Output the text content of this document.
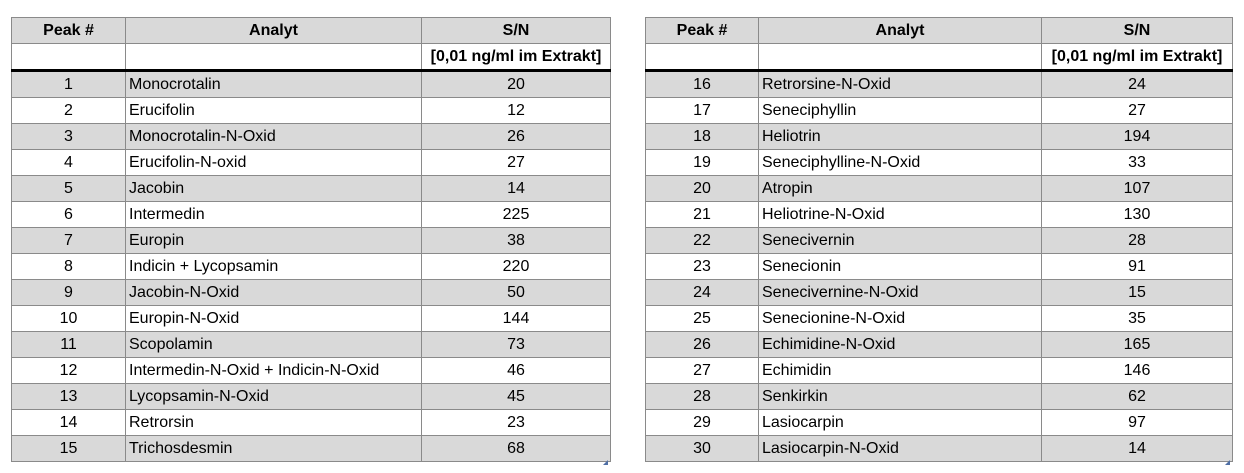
Peak #	Analyt	S/N
		[0,01 ng/ml im Extrakt]
1	Monocrotalin	20
2	Erucifolin	12
3	Monocrotalin-N-Oxid	26
4	Erucifolin-N-oxid	27
5	Jacobin	14
6	Intermedin	225
7	Europin	38
8	Indicin + Lycopsamin	220
9	Jacobin-N-Oxid	50
10	Europin-N-Oxid	144
11	Scopolamin	73
12	Intermedin-N-Oxid + Indicin-N-Oxid	46
13	Lycopsamin-N-Oxid	45
14	Retrorsin	23
15	Trichosdesmin	68
Peak #	Analyt	S/N
		[0,01 ng/ml im Extrakt]
16	Retrorsine-N-Oxid	24
17	Seneciphyllin	27
18	Heliotrin	194
19	Seneciphylline-N-Oxid	33
20	Atropin	107
21	Heliotrine-N-Oxid	130
22	Senecivernin	28
23	Senecionin	91
24	Senecivernine-N-Oxid	15
25	Senecionine-N-Oxid	35
26	Echimidine-N-Oxid	165
27	Echimidin	146
28	Senkirkin	62
29	Lasiocarpin	97
30	Lasiocarpin-N-Oxid	14
